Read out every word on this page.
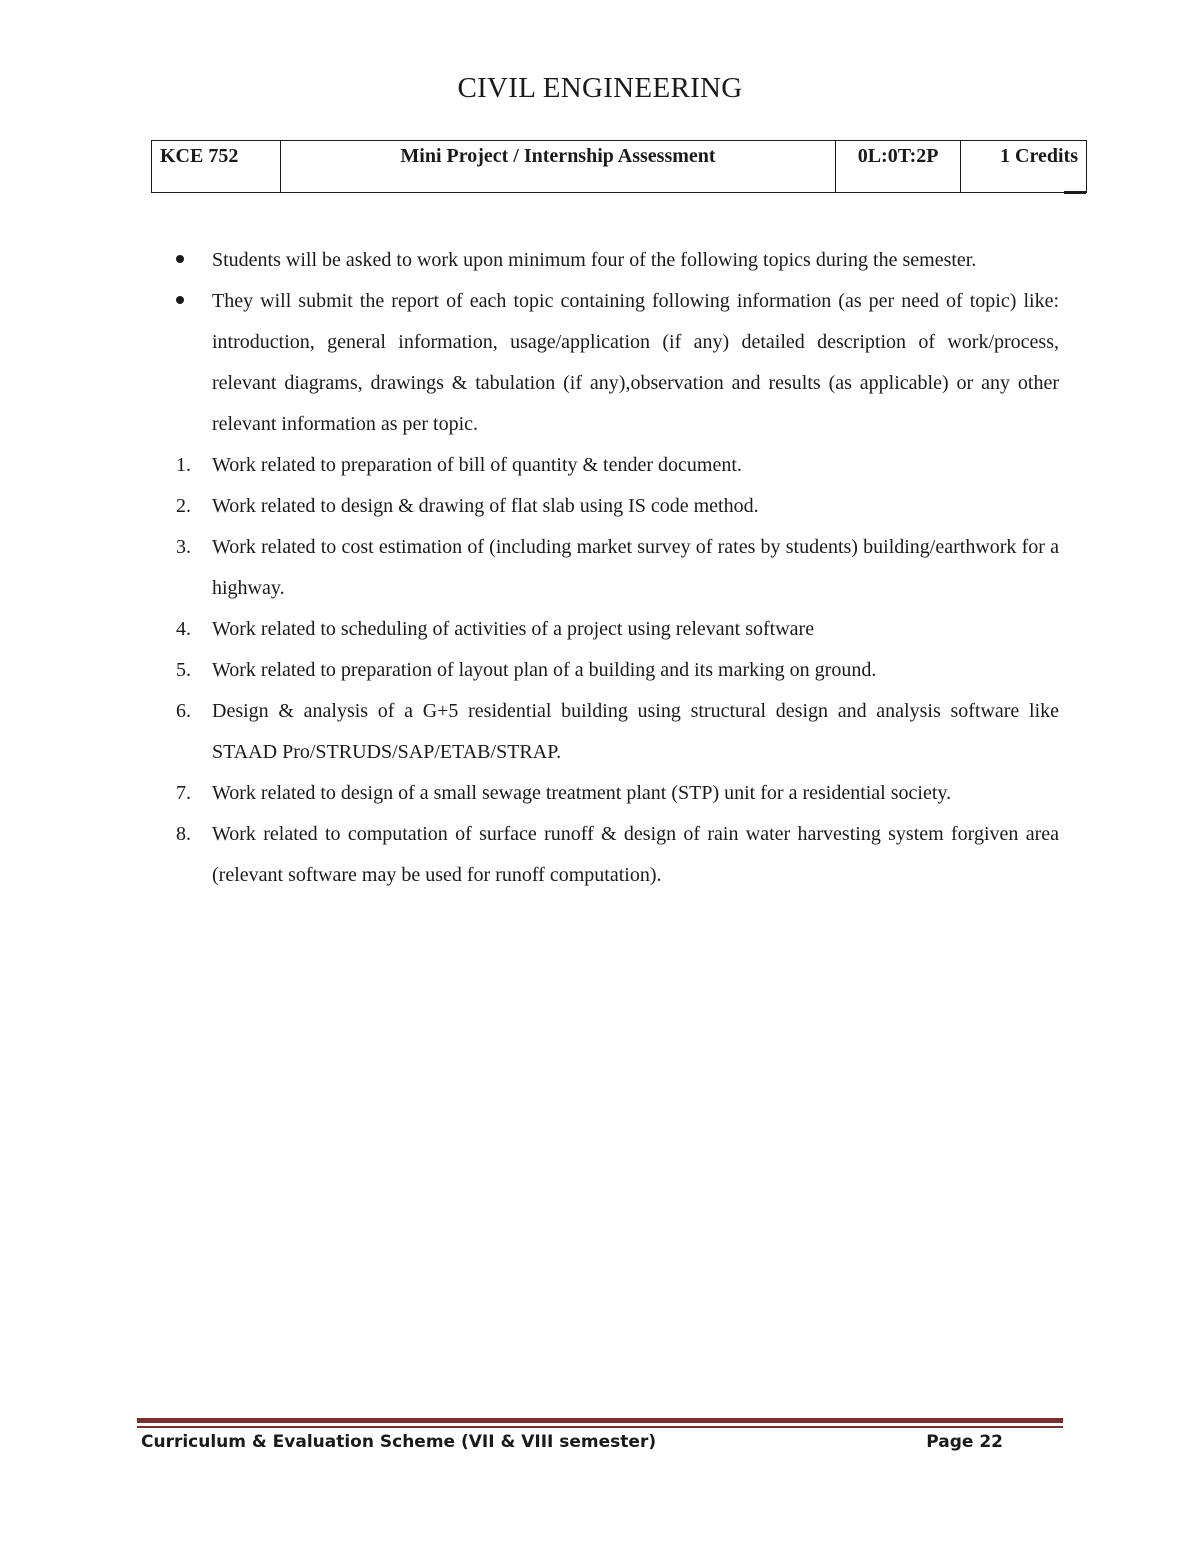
CIVIL ENGINEERING
KCE 752	Mini Project / Internship Assessment	0L:0T:2P	1 Credits
Students will be asked to work upon minimum four of the following topics during the semester.
They will submit the report of each topic containing following information (as per need of topic) like: introduction, general information, usage/application (if any) detailed description of work/process, relevant diagrams, drawings & tabulation (if any),observation and results (as applicable) or any other relevant information as per topic.
1.	Work related to preparation of bill of quantity & tender document.
2.	Work related to design & drawing of flat slab using IS code method.
3.	Work related to cost estimation of (including market survey of rates by students) building/earthwork for a highway.
4.	Work related to scheduling of activities of a project using relevant software
5.	Work related to preparation of layout plan of a building and its marking on ground.
6.	Design & analysis of a G+5 residential building using structural design and analysis software like STAAD Pro/STRUDS/SAP/ETAB/STRAP.
7.	Work related to design of a small sewage treatment plant (STP) unit for a residential society.
8.	Work related to computation of surface runoff & design of rain water harvesting system forgiven area (relevant software may be used for runoff computation).
Curriculum & Evaluation Scheme (VII & VIII semester)	Page 22
